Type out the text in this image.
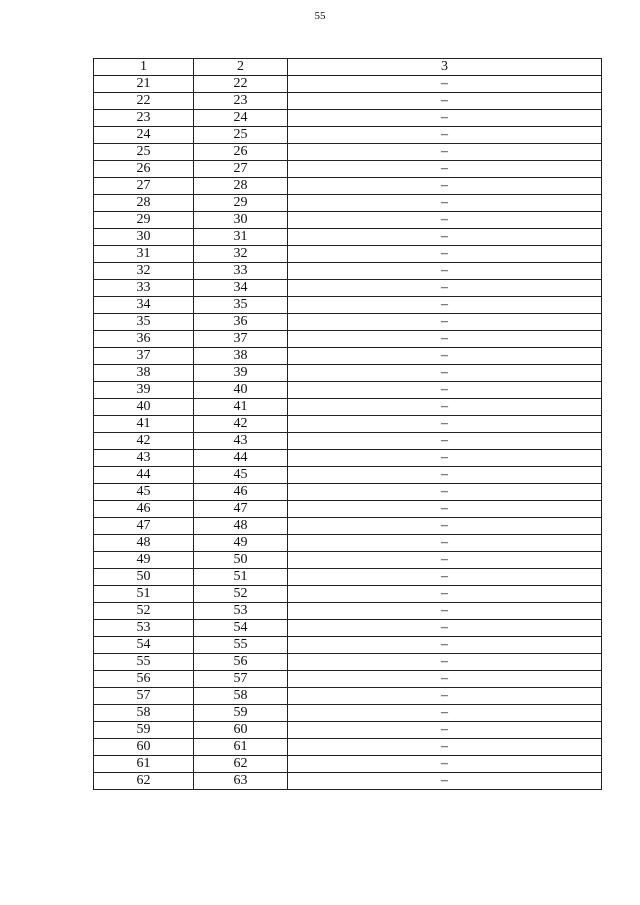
55
1	2	3
21	22	–
22	23	–
23	24	–
24	25	–
25	26	–
26	27	–
27	28	–
28	29	–
29	30	–
30	31	–
31	32	–
32	33	–
33	34	–
34	35	–
35	36	–
36	37	–
37	38	–
38	39	–
39	40	–
40	41	–
41	42	–
42	43	–
43	44	–
44	45	–
45	46	–
46	47	–
47	48	–
48	49	–
49	50	–
50	51	–
51	52	–
52	53	–
53	54	–
54	55	–
55	56	–
56	57	–
57	58	–
58	59	–
59	60	–
60	61	–
61	62	–
62	63	–
